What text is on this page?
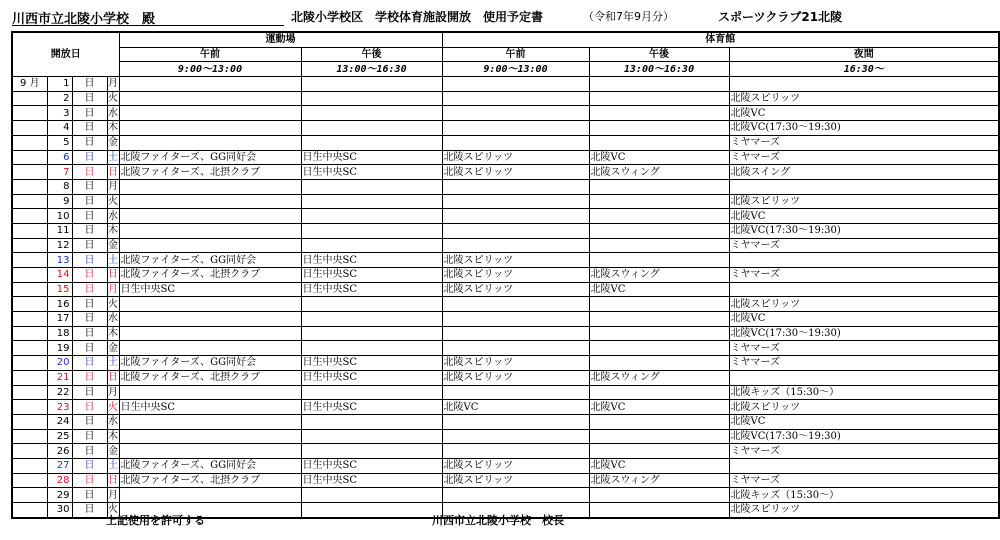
川西市立北陵小学校　殿	北陵小学校区　学校体育施設開放　使用予定書	（令和7年9月分）	スポーツクラブ21北陵
開放日				運動場		体育館		
				午前	午後	午前	午後	夜間
				9:00～13:00	13:00～16:30	9:00～13:00	13:00～16:30	16:30～
9 月	1	日	月					
	2	日	火					北陵スピリッツ
	3	日	水					北陵VC
	4	日	木					北陵VC(17:30～19:30)
	5	日	金					ミヤマーズ
	6	日	土	北陵ファイターズ、GG同好会	日生中央SC	北陵スピリッツ	北陵VC	ミヤマーズ
	7	日	日	北陵ファイターズ、北摂クラブ	日生中央SC	北陵スピリッツ	北陵スウィング	北陵スイング
	8	日	月					
	9	日	火					北陵スピリッツ
	10	日	水					北陵VC
	11	日	木					北陵VC(17:30～19:30)
	12	日	金					ミヤマーズ
	13	日	土	北陵ファイターズ、GG同好会	日生中央SC	北陵スピリッツ		
	14	日	日	北陵ファイターズ、北摂クラブ	日生中央SC	北陵スピリッツ	北陵スウィング	ミヤマーズ
	15	日	月	日生中央SC	日生中央SC	北陵スピリッツ	北陵VC	
	16	日	火					北陵スピリッツ
	17	日	水					北陵VC
	18	日	木					北陵VC(17:30～19:30)
	19	日	金					ミヤマーズ
	20	日	土	北陵ファイターズ、GG同好会	日生中央SC	北陵スピリッツ		ミヤマーズ
	21	日	日	北陵ファイターズ、北摂クラブ	日生中央SC	北陵スピリッツ	北陵スウィング	
	22	日	月					北陵キッズ（15:30～）
	23	日	火	日生中央SC	日生中央SC	北陵VC	北陵VC	北陵スピリッツ
	24	日	水					北陵VC
	25	日	木					北陵VC(17:30～19:30)
	26	日	金					ミヤマーズ
	27	日	土	北陵ファイターズ、GG同好会	日生中央SC	北陵スピリッツ	北陵VC	
	28	日	日	北陵ファイターズ、北摂クラブ	日生中央SC	北陵スピリッツ	北陵スウィング	ミヤマーズ
	29	日	月					北陵キッズ（15:30～）
	30	日	火					北陵スピリッツ
上記使用を許可する	川西市立北陵小学校　校長
